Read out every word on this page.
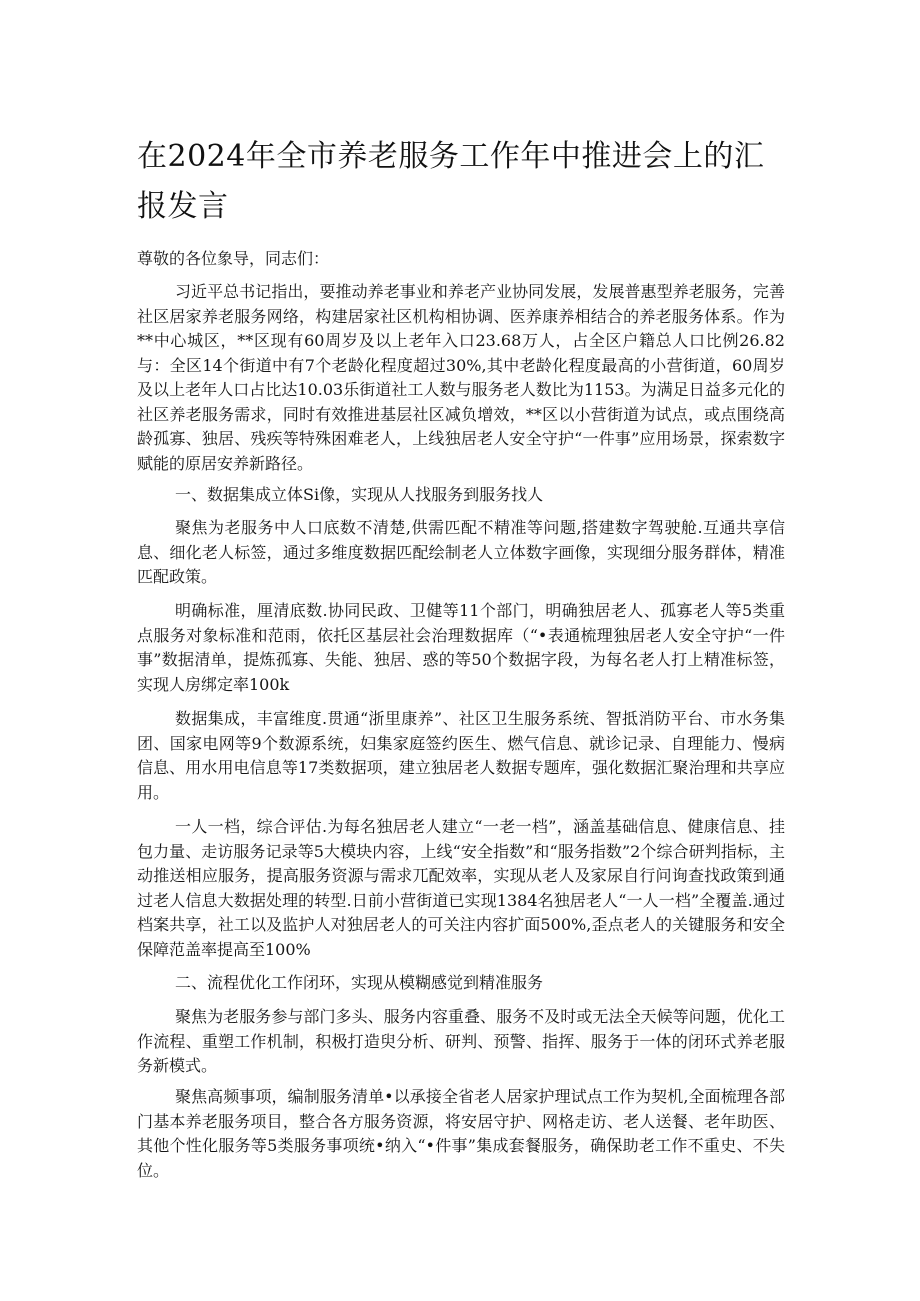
在2024年全市养老服务工作年中推进会上的汇报发言

尊敬的各位象导，同志们：

习近平总书记指出，要推动养老事业和养老产业协同发展，发展普惠型养老服务，完善社区居家养老服务网络，构建居家社区机构相协调、医养康养相结合的养老服务体系。作为**中心城区，**区现有60周岁及以上老年入口23.68万人，占全区户籍总人口比例26.82与：全区14个街道中有7个老龄化程度超过30%,其中老龄化程度最高的小营街道，60周岁及以上老年人口占比达10.03乐街道社工人数与服务老人数比为1153。为满足日益多元化的社区养老服务需求，同时有效推进基层社区减负增效，**区以小营街道为试点，或点围绕高龄孤寡、独居、残疾等特殊困难老人，上线独居老人安全守护“一件事”应用场景，探索数字赋能的原居安养新路径。

一、数据集成立体Si像，实现从人找服务到服务找人

聚焦为老服务中人口底数不清楚,供需匹配不精准等问题,搭建数字驾驶舱.互通共享信息、细化老人标签，通过多维度数据匹配绘制老人立体数字画像，实现细分服务群体，精准匹配政策。

明确标准，厘清底数.协同民政、卫健等11个部门，明确独居老人、孤寡老人等5类重点服务对象标准和范雨，依托区基层社会治理数据库（“•表通梳理独居老人安全守护“一件事”数据清单，提炼孤寡、失能、独居、惑的等50个数据字段，为每名老人打上精准标签，实现人房绑定率100k

数据集成，丰富维度.贯通“浙里康养”、社区卫生服务系统、智抵消防平台、市水务集团、国家电网等9个数源系统，妇集家庭签约医生、燃气信息、就诊记录、自理能力、慢病信息、用水用电信息等17类数据项，建立独居老人数据专题库，强化数据汇聚治理和共享应用。

一人一档，综合评估.为每名独居老人建立“一老一档”，涵盖基础信息、健康信息、挂包力量、走访服务记录等5大模块内容，上线“安全指数”和“服务指数”2个综合研判指标，主动推送相应服务，提高服务资源与需求兀配效率，实现从老人及家尿自行问询查找政策到通过老人信息大数据处理的转型.日前小营街道已实现1384名独居老人“一人一档”全覆盖.通过档案共享，社工以及监护人对独居老人的可关注内容扩面500%,歪点老人的关键服务和安全保障范盖率提高至100%

二、流程优化工作闭环，实现从模糊感觉到精准服务

聚焦为老服务参与部门多头、服务内容重叠、服务不及时或无法全天候等问题，优化工作流程、重塑工作机制，积极打造臾分析、研判、预警、指挥、服务于一体的闭环式养老服务新模式。

聚焦高频事项，编制服务清单•以承接全省老人居家护理试点工作为契机,全面梳理各部门基本养老服务项目，整合各方服务资源，将安居守护、网格走访、老人送餐、老年助医、其他个性化服务等5类服务事项统•纳入“•件事”集成套餐服务，确保助老工作不重史、不失位。
